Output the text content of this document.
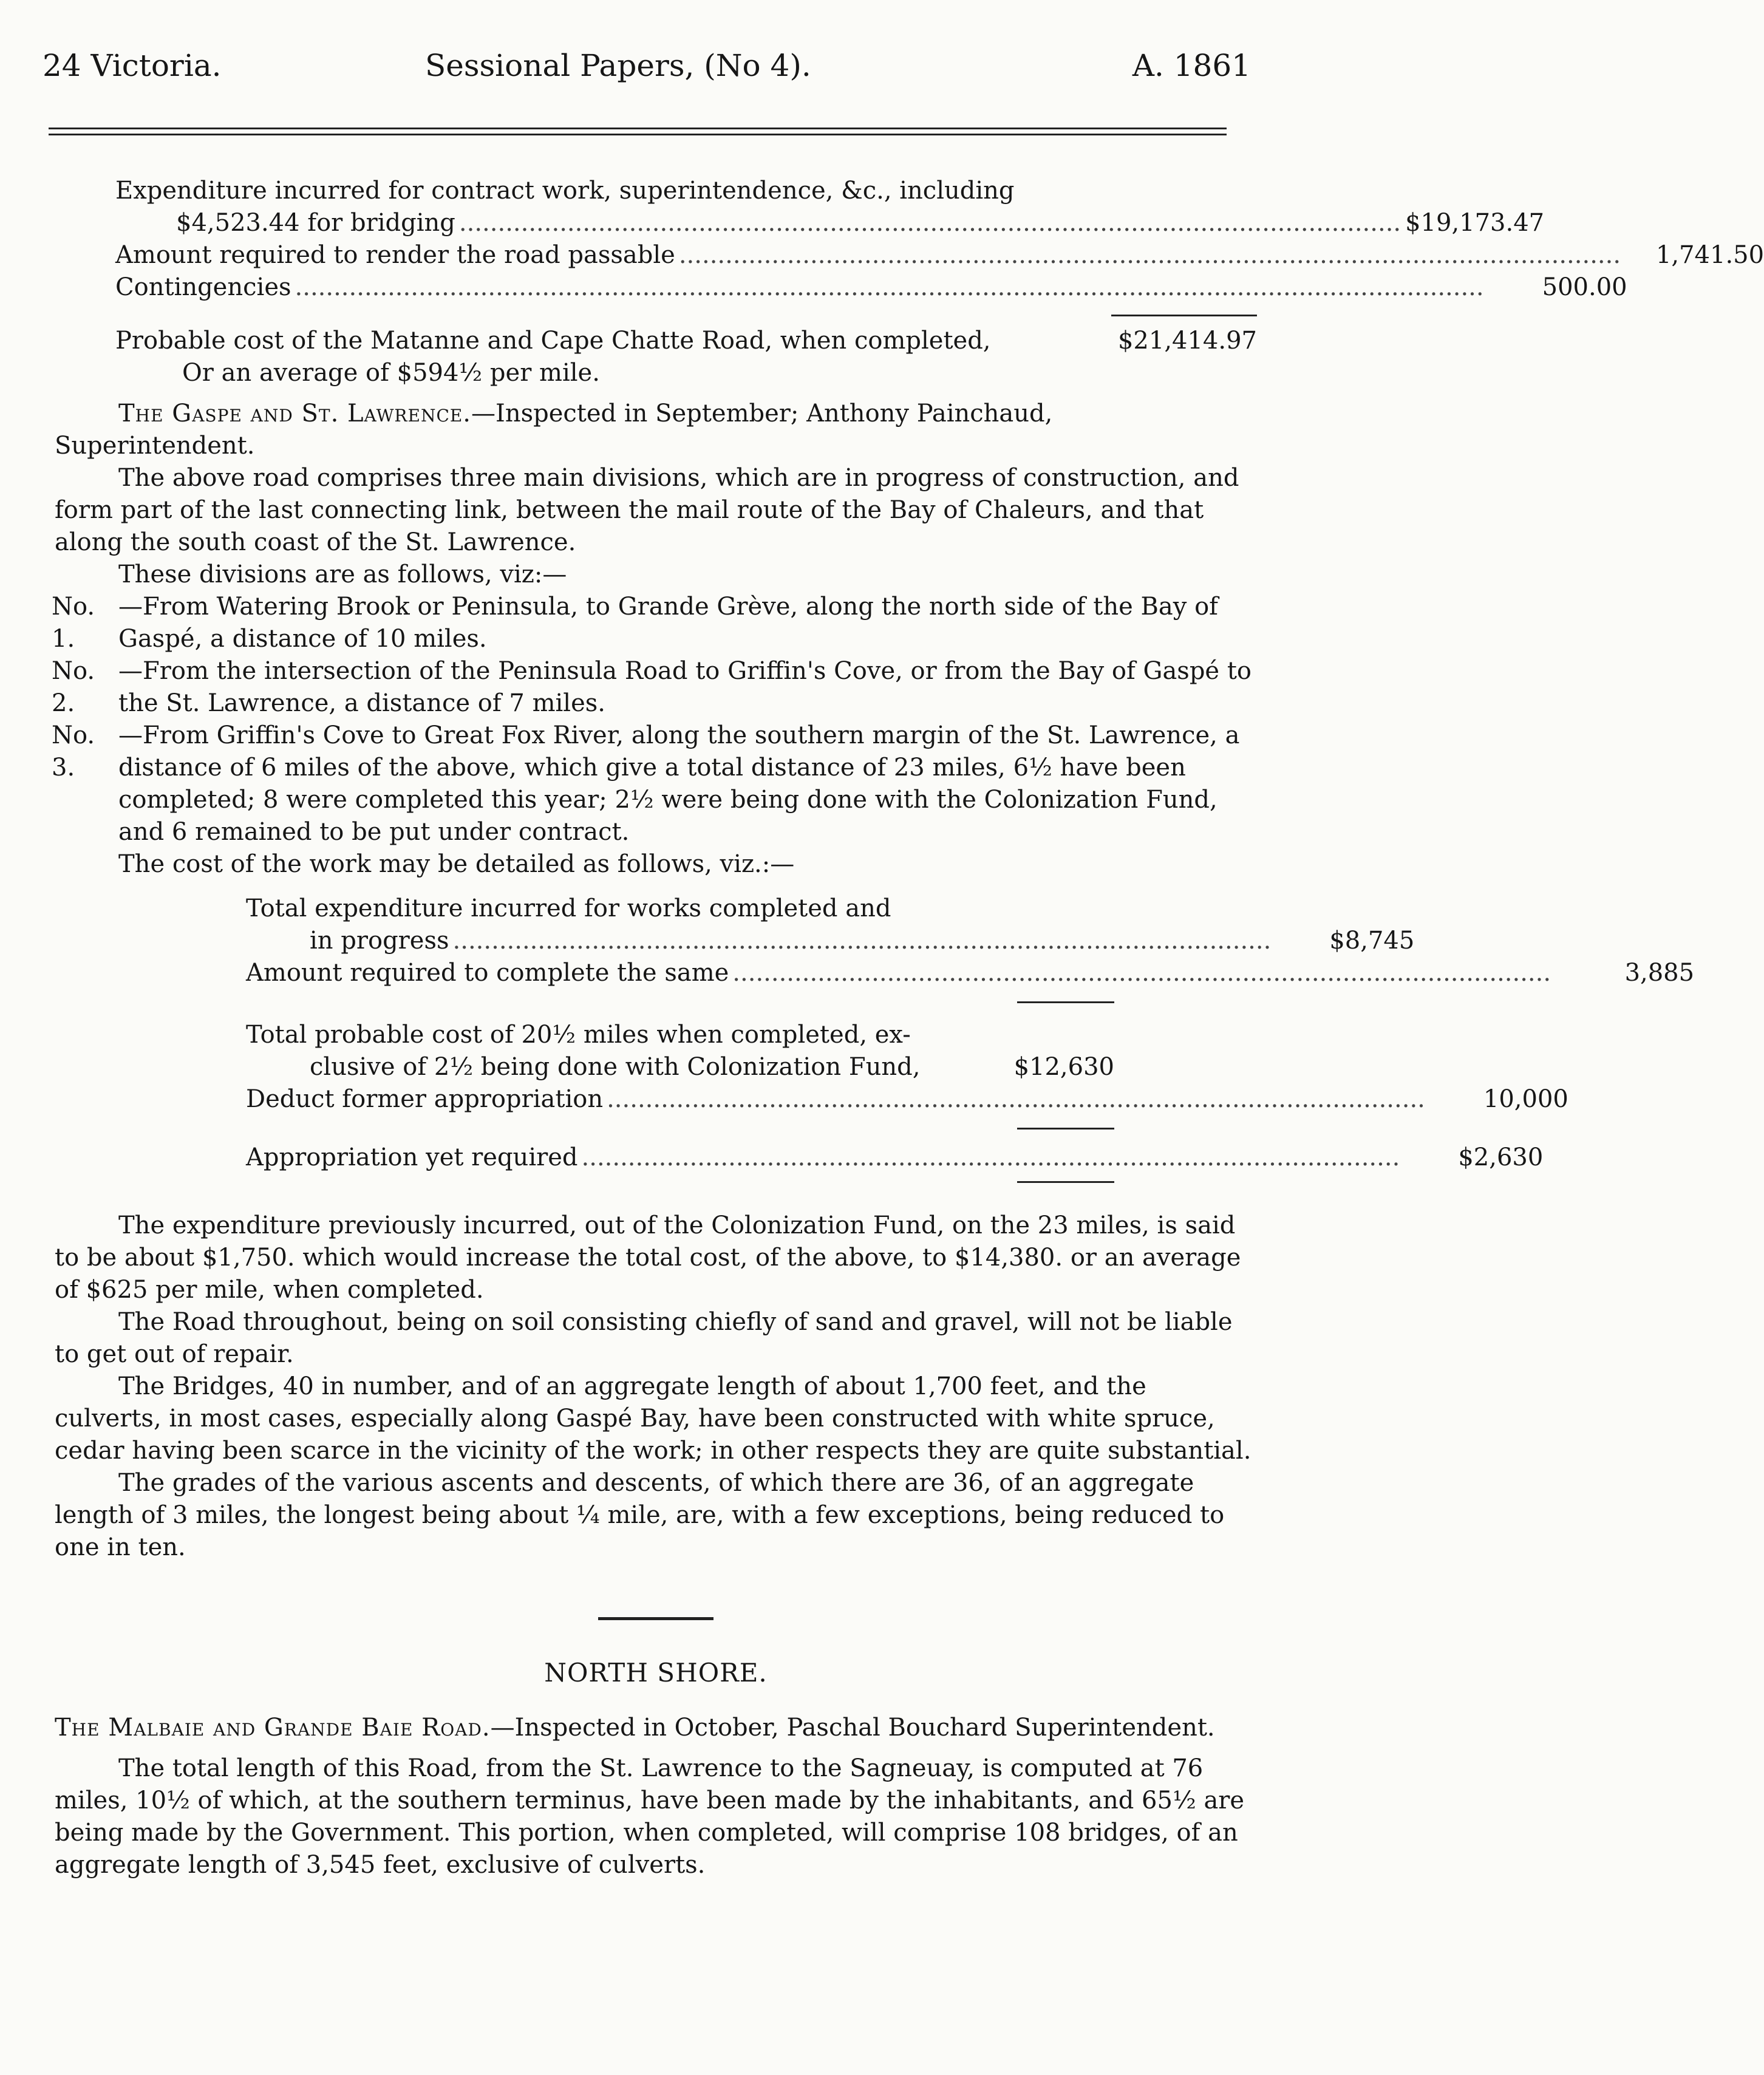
24 Victoria.	Sessional Papers, (No 4).	A. 1861

Expenditure incurred for contract work, superintendence, &c., including

$4,523.44 for bridging .......................................................................................................................... $19,173.47
Amount required to render the road passable ..........................................................................................................................	1,741.50
Contingencies ..........................................................................................................................................................	500.00
Probable cost of the Matanne and Cape Chatte Road, when completed,	$21,414.97

Or an average of $594½ per mile.

The Gaspe and St. Lawrence.—Inspected in September; Anthony Painchaud, Superintendent.

The above road comprises three main divisions, which are in progress of construction, and form part of the last connecting link, between the mail route of the Bay of Chaleurs, and that along the south coast of the St. Lawrence.

These divisions are as follows, viz:—

No. 1.
—From Watering Brook or Peninsula, to Grande Grève, along the north side of the Bay of Gaspé, a distance of 10 miles.
No. 2.
—From the intersection of the Peninsula Road to Griffin's Cove, or from the Bay of Gaspé to the St. Lawrence, a distance of 7 miles.
No. 3.
—From Griffin's Cove to Great Fox River, along the southern margin of the St. Lawrence, a distance of 6 miles of the above, which give a total distance of 23 miles, 6½ have been completed; 8 were completed this year; 2½ were being done with the Colonization Fund, and 6 remained to be put under contract.

The cost of the work may be detailed as follows, viz.:—

Total expenditure incurred for works completed and

in progress ..........................................................................................................	$8,745
Amount required to complete the same ..........................................................................................................	3,885

Total probable cost of 20½ miles when completed, ex-

clusive of 2½ being done with Colonization Fund,	$12,630
Deduct former appropriation ..........................................................................................................	10,000
Appropriation yet required ..........................................................................................................	$2,630

The expenditure previously incurred, out of the Colonization Fund, on the 23 miles, is said to be about $1,750. which would increase the total cost, of the above, to $14,380. or an average of $625 per mile, when completed.

The Road throughout, being on soil consisting chiefly of sand and gravel, will not be liable to get out of repair.

The Bridges, 40 in number, and of an aggregate length of about 1,700 feet, and the culverts, in most cases, especially along Gaspé Bay, have been constructed with white spruce, cedar having been scarce in the vicinity of the work; in other respects they are quite substantial.

The grades of the various ascents and descents, of which there are 36, of an aggregate length of 3 miles, the longest being about ¼ mile, are, with a few exceptions, being reduced to one in ten.

NORTH SHORE.

The Malbaie and Grande Baie Road.—Inspected in October, Paschal Bouchard Superintendent.

The total length of this Road, from the St. Lawrence to the Sagneuay, is computed at 76 miles, 10½ of which, at the southern terminus, have been made by the inhabitants, and 65½ are being made by the Government. This portion, when completed, will comprise 108 bridges, of an aggregate length of 3,545 feet, exclusive of culverts.
